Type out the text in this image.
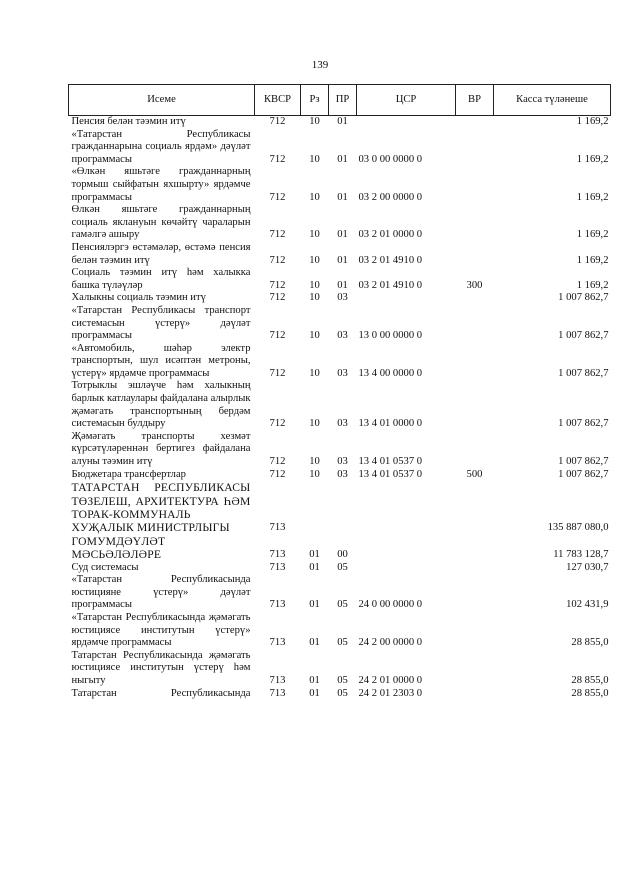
139
Исеме	КВСР	Рз	ПР	ЦСР	ВР	Касса түләнеше
Пенсия белән тәэмин итү	712	10	01			1 169,2
«Татарстан Республикасы гражданнарына социаль ярдәм» дәүләт программасы	712	10	01	03 0 00 0000 0		1 169,2
«Өлкән яшьтәге гражданнарның тормыш сыйфатын яхшырту» ярдәмче программасы	712	10	01	03 2 00 0000 0		1 169,2
Өлкән яшьтәге гражданнарның социаль яклануын көчәйтү чараларын гамәлгә ашыру	712	10	01	03 2 01 0000 0		1 169,2
Пенсиялэргэ өстәмәләр, өстәмә пенсия белән тәэмин итү	712	10	01	03 2 01 4910 0		1 169,2
Социаль тәэмин итү һәм халыкка башка түләүләр	712	10	01	03 2 01 4910 0	300	1 169,2
Халыкны социаль тәэмин итү	712	10	03			1 007 862,7
«Татарстан Республикасы транспорт системасын үстерү» дәүләт программасы	712	10	03	13 0 00 0000 0		1 007 862,7
«Автомобиль, шәһәр электр транспортын, шул исәптән метроны, үстерү» ярдәмче программасы	712	10	03	13 4 00 0000 0		1 007 862,7
Тотрыклы эшләүче һәм халыкның барлык катлаулары файдалана алырлык җәмәгать транспортының бердәм системасын булдыру	712	10	03	13 4 01 0000 0		1 007 862,7
Җәмәгать транспорты хезмәт күрсәтүләреннән бертигез файдалана алуны тәэмин итү	712	10	03	13 4 01 0537 0		1 007 862,7
Бюджетара трансфертлар	712	10	03	13 4 01 0537 0	500	1 007 862,7
ТАТАРСТАН РЕСПУБЛИКАСЫ ТӨЗЕЛЕШ, АРХИТЕКТУРА ҺӘМ ТОРАК-КОММУНАЛЬ ХУҖАЛЫК МИНИСТРЛЫГЫ	713					135 887 080,0
ГОМУМДӘҮЛӘТ МӘСЬӘЛӘЛӘРЕ	713	01	00			11 783 128,7
Суд системасы	713	01	05			127 030,7
«Татарстан Республикасында юстицияне үстерү» дәүләт программасы	713	01	05	24 0 00 0000 0		102 431,9
«Татарстан Республикасында җәмәгать юстициясе институтын үстерү» ярдәмче программасы	713	01	05	24 2 00 0000 0		28 855,0
Татарстан Республикасында җәмәгать юстициясе институтын үстерү һәм ныгыту	713	01	05	24 2 01 0000 0		28 855,0
Татарстан Республикасында	713	01	05	24 2 01 2303 0		28 855,0
